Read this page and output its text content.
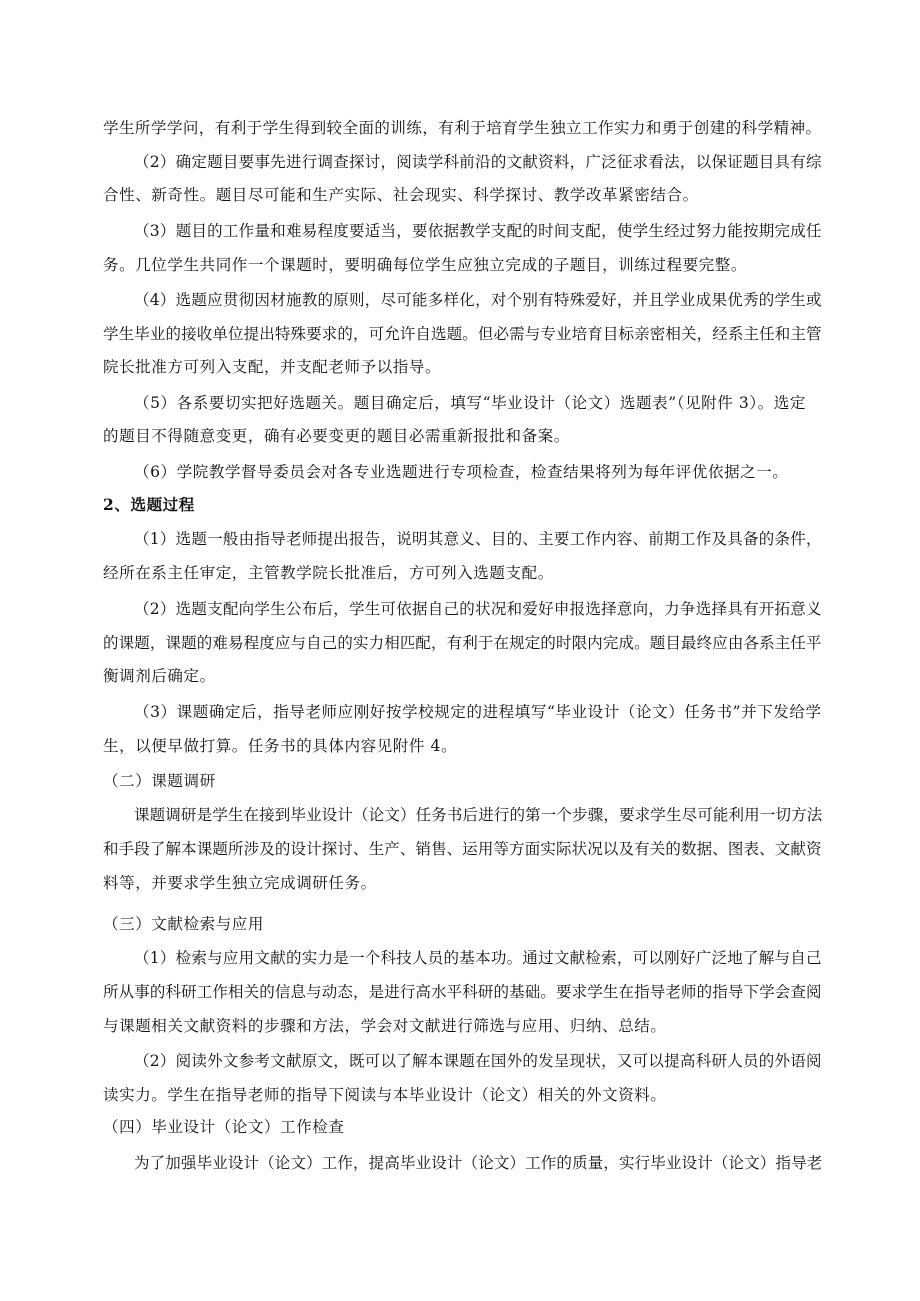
学生所学学问，有利于学生得到较全面的训练，有利于培育学生独立工作实力和勇于创建的科学精神。
（2）确定题目要事先进行调查探讨，阅读学科前沿的文献资料，广泛征求看法，以保证题目具有综
合性、新奇性。题目尽可能和生产实际、社会现实、科学探讨、教学改革紧密结合。
（3）题目的工作量和难易程度要适当，要依据教学支配的时间支配，使学生经过努力能按期完成任
务。几位学生共同作一个课题时，要明确每位学生应独立完成的子题目，训练过程要完整。
（4）选题应贯彻因材施教的原则，尽可能多样化，对个别有特殊爱好，并且学业成果优秀的学生或
学生毕业的接收单位提出特殊要求的，可允许自选题。但必需与专业培育目标亲密相关，经系主任和主管
院长批准方可列入支配，并支配老师予以指导。
（5）各系要切实把好选题关。题目确定后，填写“毕业设计（论文）选题表”（见附件 3）。选定
的题目不得随意变更，确有必要变更的题目必需重新报批和备案。
（6）学院教学督导委员会对各专业选题进行专项检查，检查结果将列为每年评优依据之一。
2、选题过程
（1）选题一般由指导老师提出报告，说明其意义、目的、主要工作内容、前期工作及具备的条件，
经所在系主任审定，主管教学院长批准后，方可列入选题支配。
（2）选题支配向学生公布后，学生可依据自己的状况和爱好申报选择意向，力争选择具有开拓意义
的课题，课题的难易程度应与自己的实力相匹配，有利于在规定的时限内完成。题目最终应由各系主任平
衡调剂后确定。
（3）课题确定后，指导老师应刚好按学校规定的进程填写“毕业设计（论文）任务书”并下发给学
生，以便早做打算。任务书的具体内容见附件 4。
（二）课题调研
课题调研是学生在接到毕业设计（论文）任务书后进行的第一个步骤，要求学生尽可能利用一切方法
和手段了解本课题所涉及的设计探讨、生产、销售、运用等方面实际状况以及有关的数据、图表、文献资
料等，并要求学生独立完成调研任务。
（三）文献检索与应用
（1）检索与应用文献的实力是一个科技人员的基本功。通过文献检索，可以刚好广泛地了解与自己
所从事的科研工作相关的信息与动态，是进行高水平科研的基础。要求学生在指导老师的指导下学会查阅
与课题相关文献资料的步骤和方法，学会对文献进行筛选与应用、归纳、总结。
（2）阅读外文参考文献原文，既可以了解本课题在国外的发呈现状，又可以提高科研人员的外语阅
读实力。学生在指导老师的指导下阅读与本毕业设计（论文）相关的外文资料。
（四）毕业设计（论文）工作检查
为了加强毕业设计（论文）工作，提高毕业设计（论文）工作的质量，实行毕业设计（论文）指导老
